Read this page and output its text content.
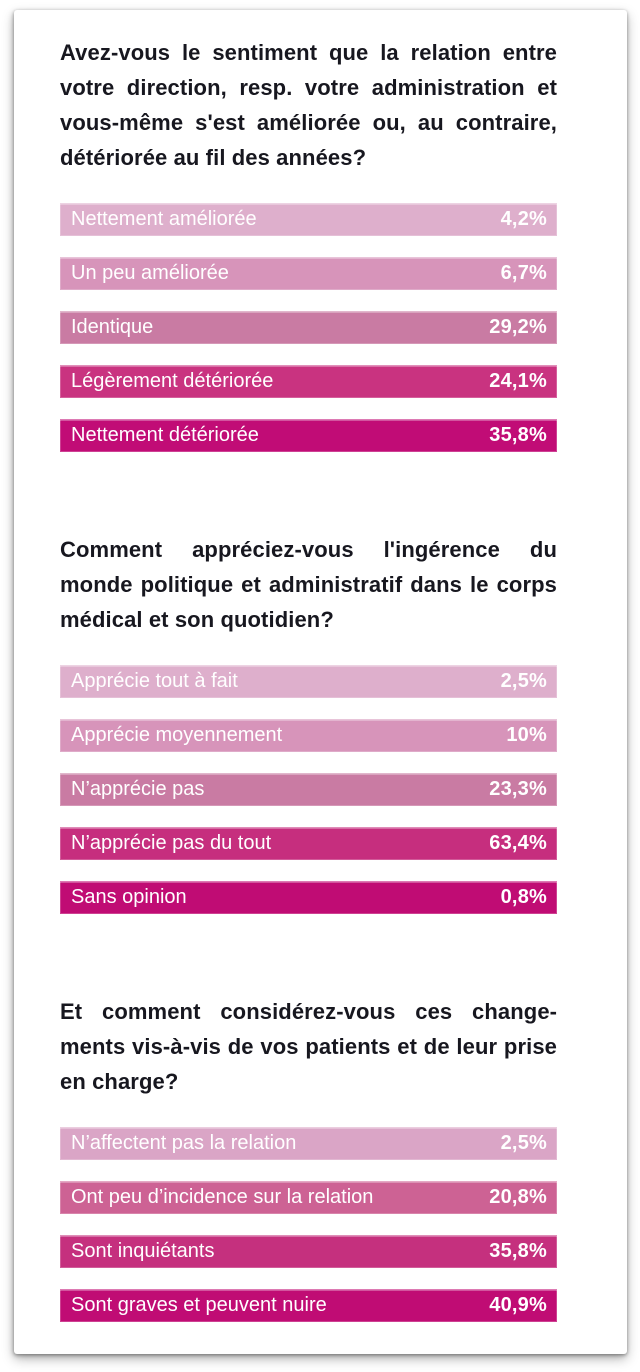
Avez-vous le sentiment que la relation entre votre direction, resp. votre administration et vous-même s'est améliorée ou, au contraire, détériorée au fil des années?
Nettement améliorée	4,2%
Un peu améliorée	6,7%
Identique	29,2%
Légèrement détériorée	24,1%
Nettement détériorée	35,8%
Comment appréciez-vous l'ingérence du monde politique et administratif dans le corps médical et son quotidien?
Apprécie tout à fait	2,5%
Apprécie moyennement	10%
N’apprécie pas	23,3%
N’apprécie pas du tout	63,4%
Sans opinion	0,8%
Et comment considérez-vous ces changements vis-à-vis de vos patients et de leur prise en charge?
N’affectent pas la relation	2,5%
Ont peu d’incidence sur la relation	20,8%
Sont inquiétants	35,8%
Sont graves et peuvent nuire	40,9%
